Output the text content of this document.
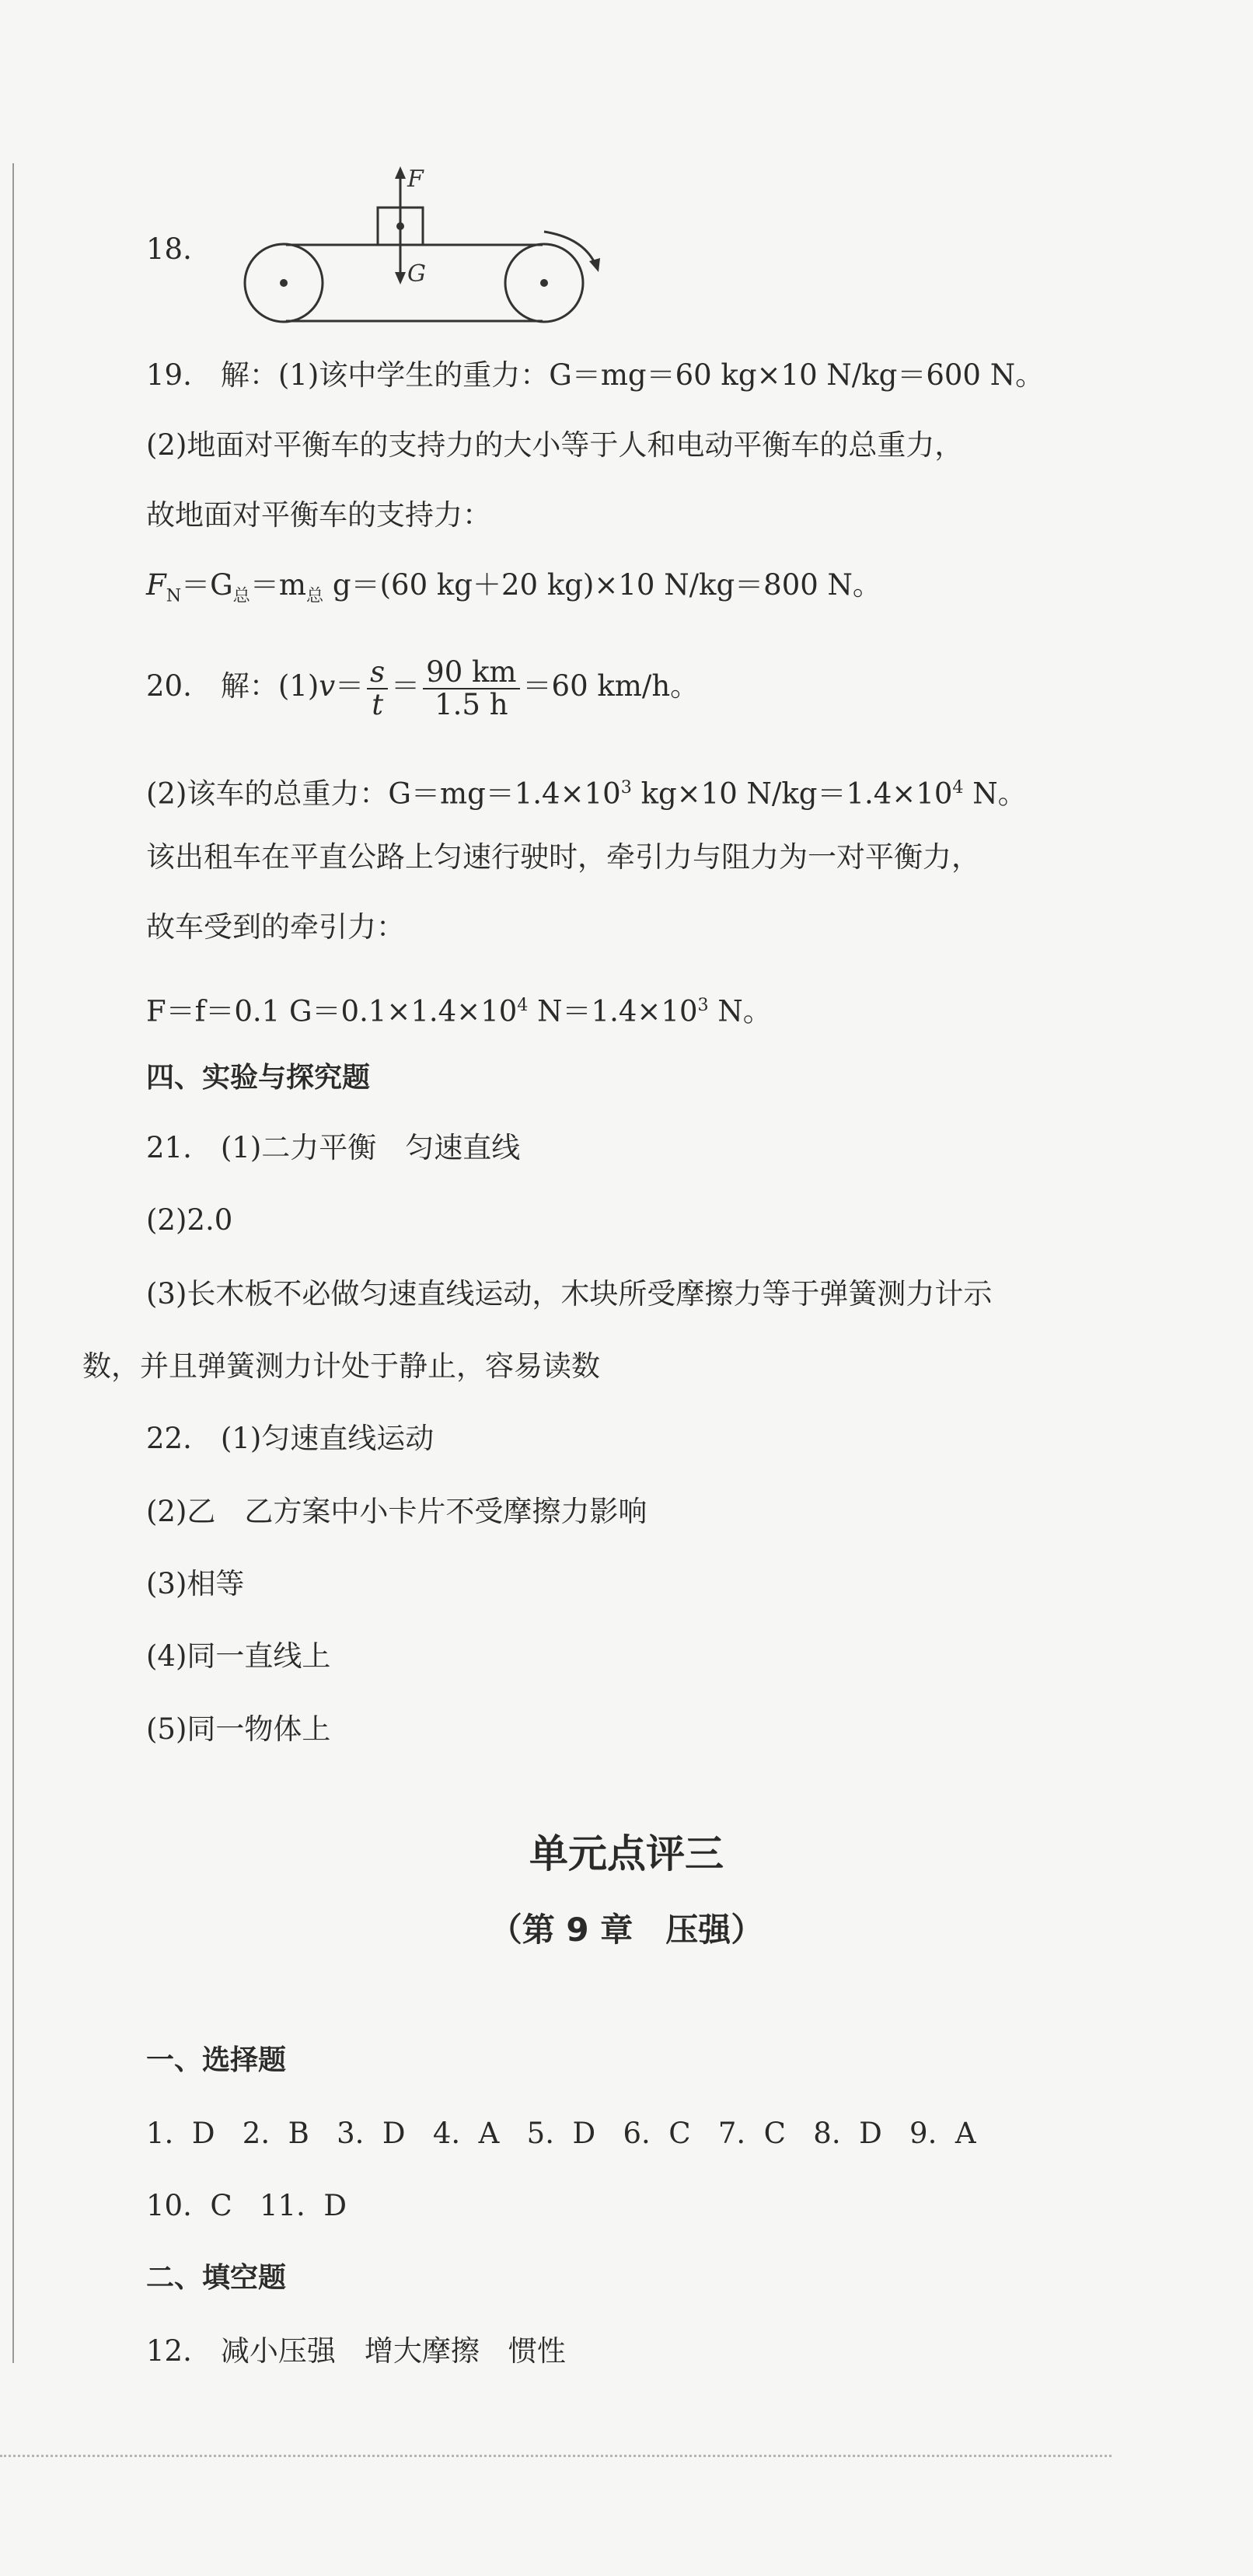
18.
F
G
19.　解：(1)该中学生的重力：G＝mg＝60 kg×10 N/kg＝600 N。
(2)地面对平衡车的支持力的大小等于人和电动平衡车的总重力，
故地面对平衡车的支持力：
$F_N=G_总=m_总$ g＝(60 kg＋20 kg)×10 N/kg＝800 N。
20.　解：$(1)v= \frac{s}{t} = \frac{90 km}{1.5 h} =60$ km/h。
(2)该车的总重力：$G=mg=1.4\times 10^3$ kg×10 $N/kg=1.4\times 10^4$ N。
该出租车在平直公路上匀速行驶时，牵引力与阻力为一对平衡力，
故车受到的牵引力：
F＝f＝0.1 $G=0.1\times 1.4\times 10^4$ $N=1.4\times 10^3$ N。
四、实验与探究题
21.　(1)二力平衡　匀速直线
(2)2.0
(3)长木板不必做匀速直线运动，木块所受摩擦力等于弹簧测力计示
数，并且弹簧测力计处于静止，容易读数
22.　(1)匀速直线运动
(2)乙　乙方案中小卡片不受摩擦力影响
(3)相等
(4)同一直线上
(5)同一物体上
单元点评三
（第 9 章　压强）
一、选择题
1.  D   2.  B   3.  D   4.  A   5.  D   6.  C   7.  C   8.  D   9.  A
10.  C   11.  D
二、填空题
12.　减小压强　增大摩擦　惯性
